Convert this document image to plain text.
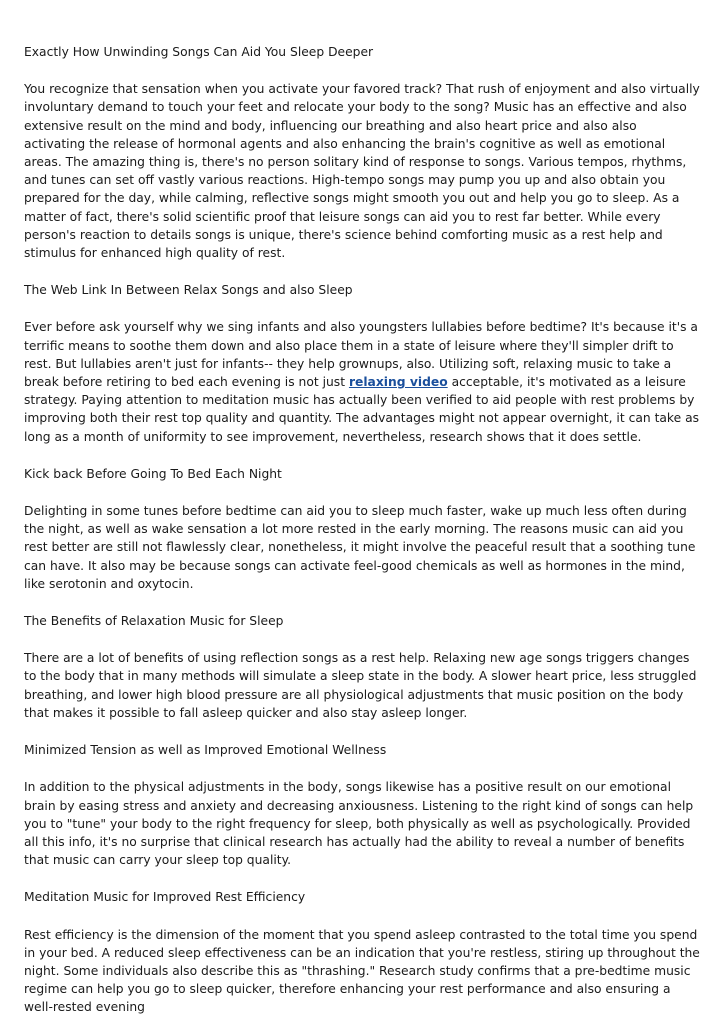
Exactly How Unwinding Songs Can Aid You Sleep Deeper
You recognize that sensation when you activate your favored track? That rush of enjoyment and also virtually involuntary demand to touch your feet and relocate your body to the song? Music has an effective and also extensive result on the mind and body, influencing our breathing and also heart price and also also activating the release of hormonal agents and also enhancing the brain's cognitive as well as emotional areas. The amazing thing is, there's no person solitary kind of response to songs. Various tempos, rhythms, and tunes can set off vastly various reactions. High-tempo songs may pump you up and also obtain you prepared for the day, while calming, reflective songs might smooth you out and help you go to sleep. As a matter of fact, there's solid scientific proof that leisure songs can aid you to rest far better. While every person's reaction to details songs is unique, there's science behind comforting music as a rest help and stimulus for enhanced high quality of rest.
The Web Link In Between Relax Songs and also Sleep
Ever before ask yourself why we sing infants and also youngsters lullabies before bedtime? It's because it's a terrific means to soothe them down and also place them in a state of leisure where they'll simpler drift to rest. But lullabies aren't just for infants-- they help grownups, also. Utilizing soft, relaxing music to take a break before retiring to bed each evening is not just relaxing video acceptable, it's motivated as a leisure strategy. Paying attention to meditation music has actually been verified to aid people with rest problems by improving both their rest top quality and quantity. The advantages might not appear overnight, it can take as long as a month of uniformity to see improvement, nevertheless, research shows that it does settle.
Kick back Before Going To Bed Each Night
Delighting in some tunes before bedtime can aid you to sleep much faster, wake up much less often during the night, as well as wake sensation a lot more rested in the early morning. The reasons music can aid you rest better are still not flawlessly clear, nonetheless, it might involve the peaceful result that a soothing tune can have. It also may be because songs can activate feel-good chemicals as well as hormones in the mind, like serotonin and oxytocin.
The Benefits of Relaxation Music for Sleep
There are a lot of benefits of using reflection songs as a rest help. Relaxing new age songs triggers changes to the body that in many methods will simulate a sleep state in the body. A slower heart price, less struggled breathing, and lower high blood pressure are all physiological adjustments that music position on the body that makes it possible to fall asleep quicker and also stay asleep longer.
Minimized Tension as well as Improved Emotional Wellness
In addition to the physical adjustments in the body, songs likewise has a positive result on our emotional brain by easing stress and anxiety and decreasing anxiousness. Listening to the right kind of songs can help you to "tune" your body to the right frequency for sleep, both physically as well as psychologically. Provided all this info, it's no surprise that clinical research has actually had the ability to reveal a number of benefits that music can carry your sleep top quality.
Meditation Music for Improved Rest Efficiency
Rest efficiency is the dimension of the moment that you spend asleep contrasted to the total time you spend in your bed. A reduced sleep effectiveness can be an indication that you're restless, stiring up throughout the night. Some individuals also describe this as "thrashing." Research study confirms that a pre-bedtime music regime can help you go to sleep quicker, therefore enhancing your rest performance and also ensuring a well-rested evening
